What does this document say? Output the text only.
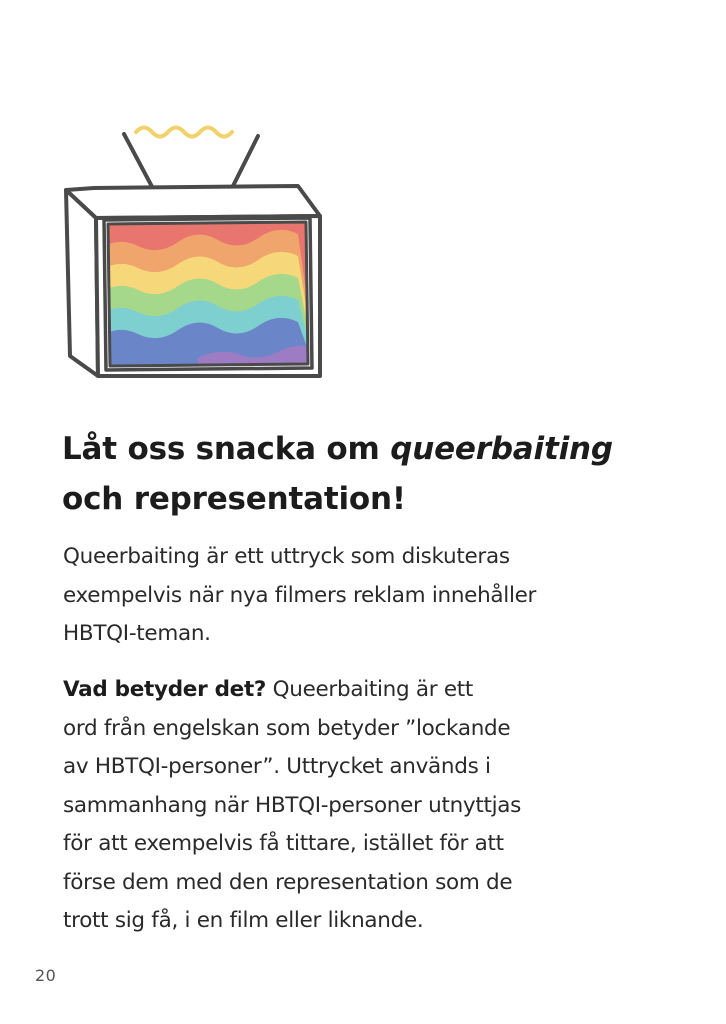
Låt oss snacka om queerbaiting
och representation!

Queerbaiting är ett uttryck som diskuteras
exempelvis när nya filmers reklam innehåller
HBTQI-teman.

Vad betyder det? Queerbaiting är ett
ord från engelskan som betyder ”lockande
av HBTQI-personer”. Uttrycket används i
sammanhang när HBTQI-personer utnyttjas
för att exempelvis få tittare, istället för att
förse dem med den representation som de
trott sig få, i en film eller liknande.

20
